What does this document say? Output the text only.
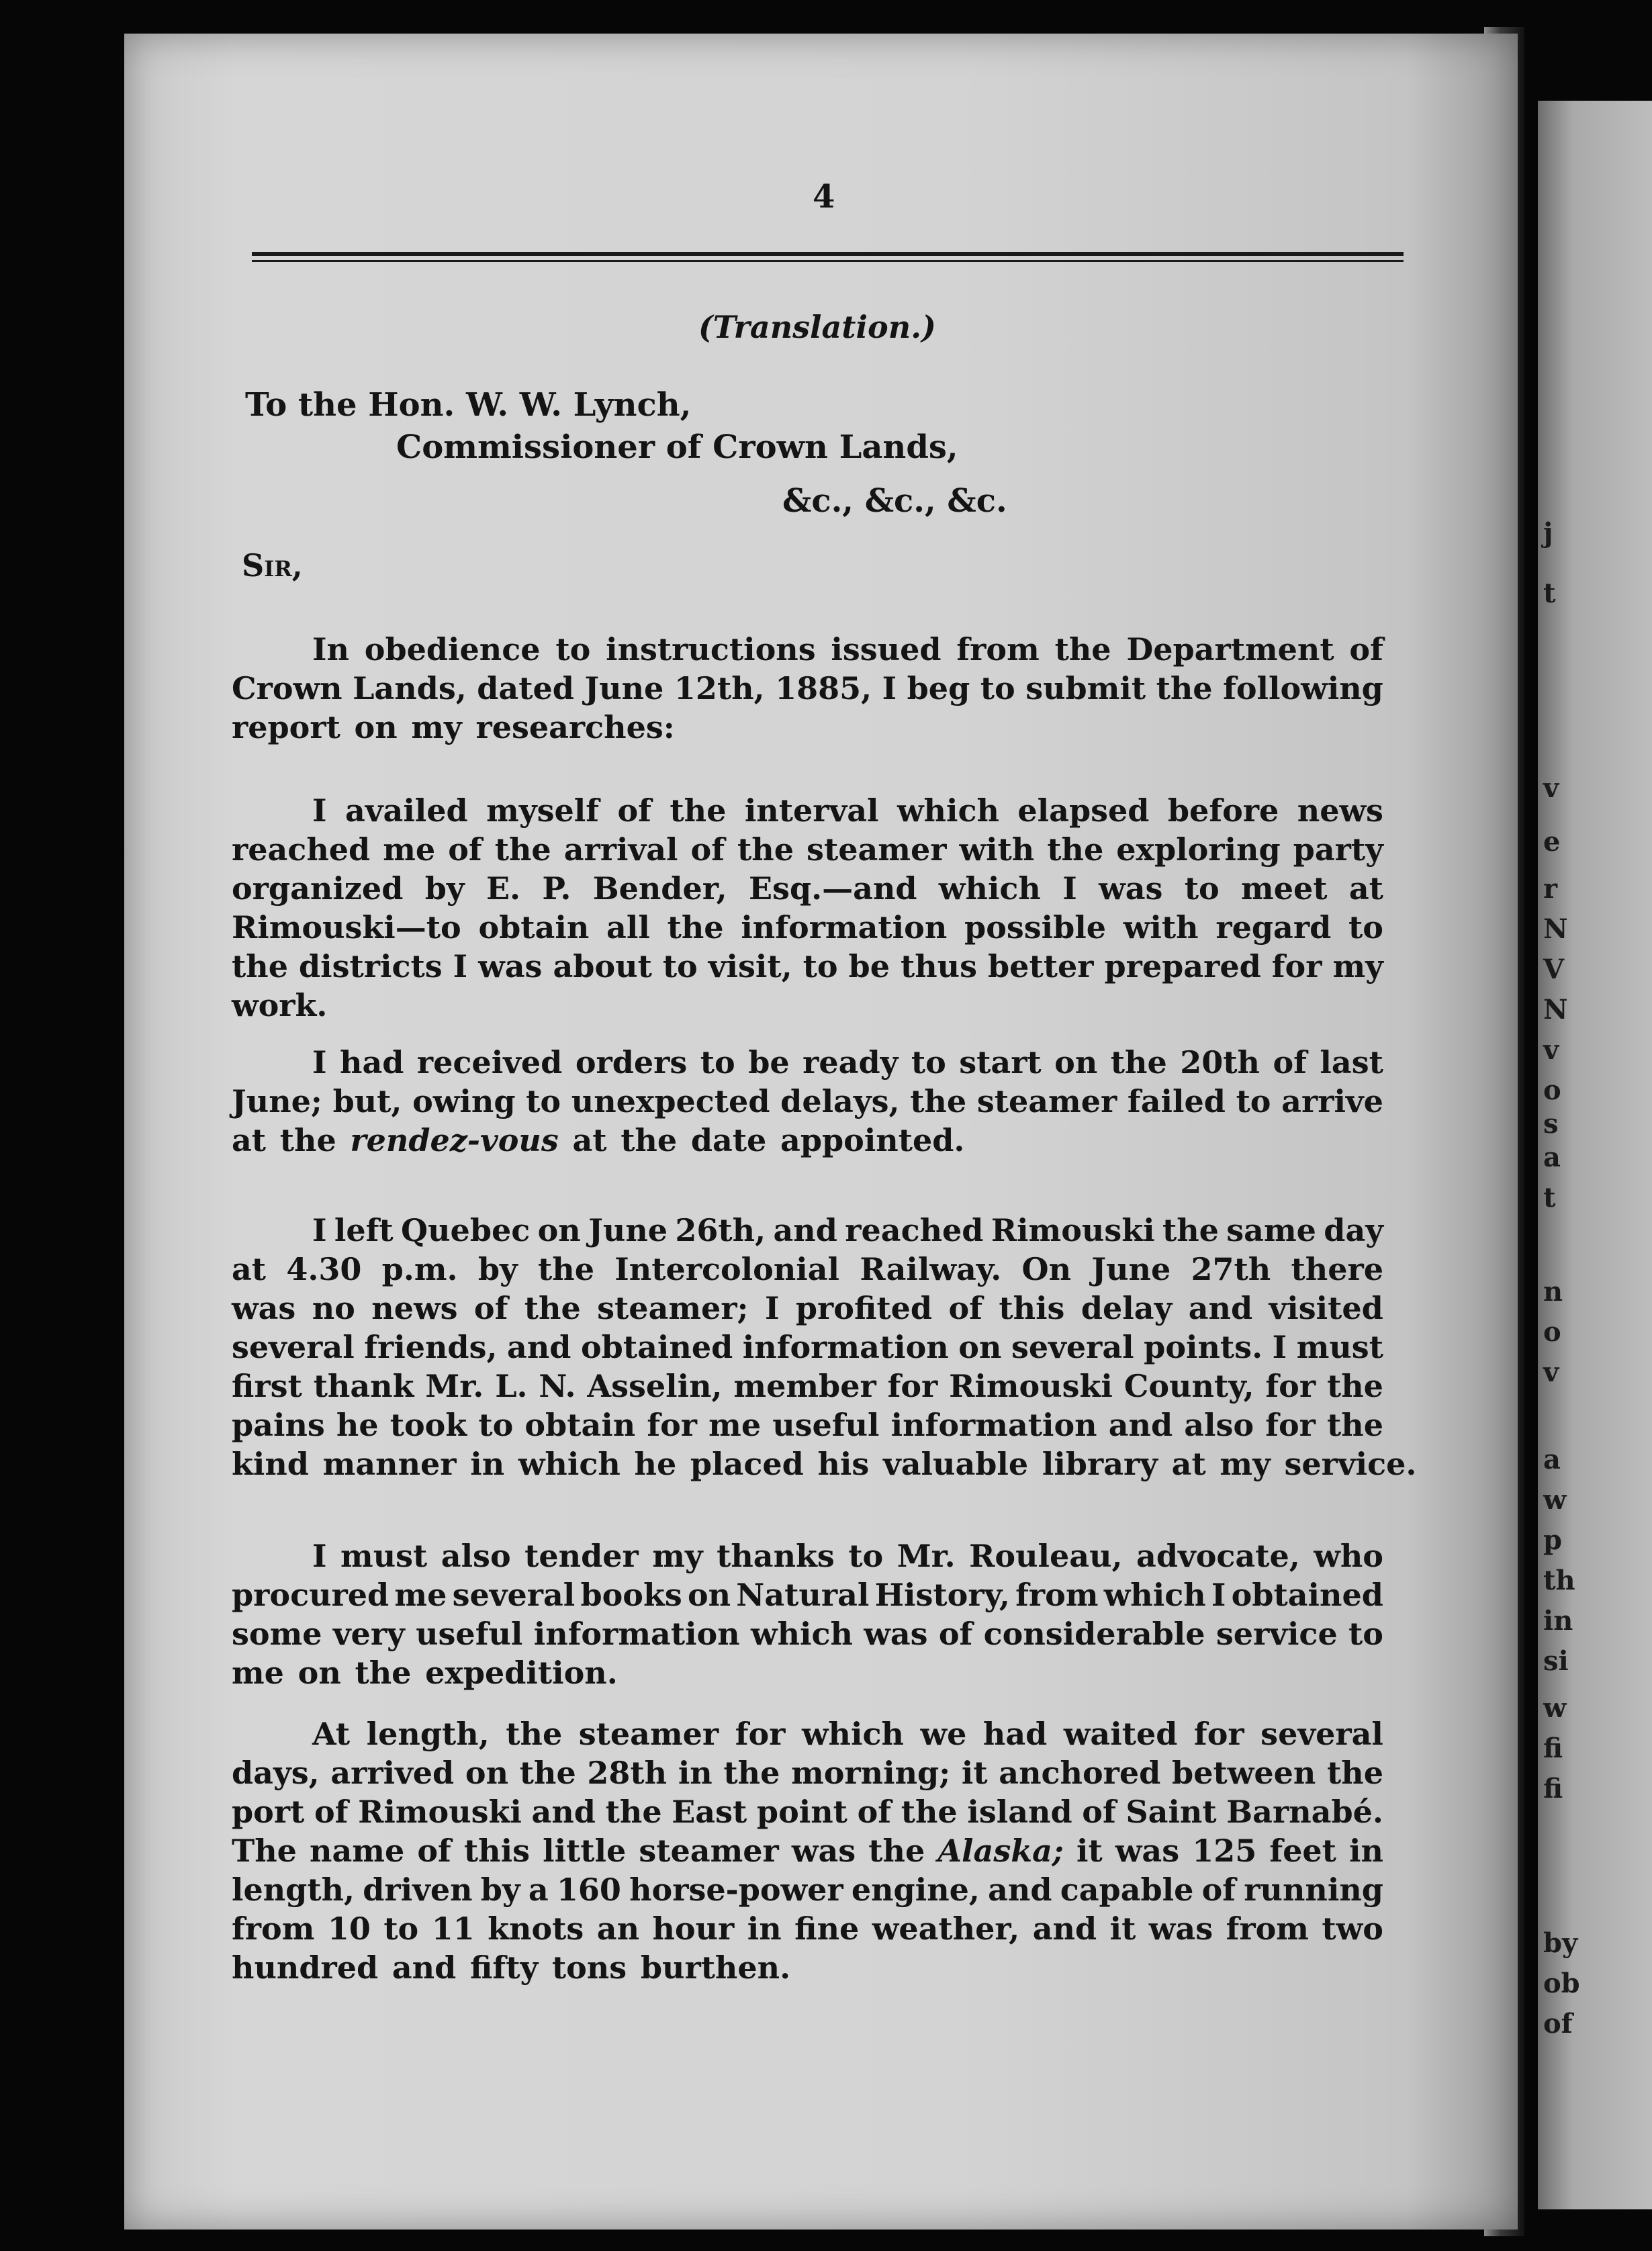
j
t
v
e
r
N
V
N
v
o
s
a
t
n
o
v
a
w
p
th
in
si
w
fi
fi
by
ob
of
4
(Translation.)
To the Hon. W. W. Lynch,
Commissioner of Crown Lands,
&c., &c., &c.
Sir,
In obedience to instructions issued from the Department of
Crown Lands, dated June 12th, 1885, I beg to submit the following
report on my researches:
I availed myself of the interval which elapsed before news
reached me of the arrival of the steamer with the exploring party
organized by E. P. Bender, Esq.—and which I was to meet at
Rimouski—to obtain all the information possible with regard to
the districts I was about to visit, to be thus better prepared for my
work.
I had received orders to be ready to start on the 20th of last
June; but, owing to unexpected delays, the steamer failed to arrive
at the rendez-vous at the date appointed.
I left Quebec on June 26th, and reached Rimouski the same day
at 4.30 p.m. by the Intercolonial Railway. On June 27th there
was no news of the steamer; I profited of this delay and visited
several friends, and obtained information on several points. I must
first thank Mr. L. N. Asselin, member for Rimouski County, for the
pains he took to obtain for me useful information and also for the
kind manner in which he placed his valuable library at my service.
I must also tender my thanks to Mr. Rouleau, advocate, who
procured me several books on Natural History, from which I obtained
some very useful information which was of considerable service to
me on the expedition.
At length, the steamer for which we had waited for several
days, arrived on the 28th in the morning; it anchored between the
port of Rimouski and the East point of the island of Saint Barnabé.
The name of this little steamer was the Alaska; it was 125 feet in
length, driven by a 160 horse-power engine, and capable of running
from 10 to 11 knots an hour in fine weather, and it was from two
hundred and fifty tons burthen.
